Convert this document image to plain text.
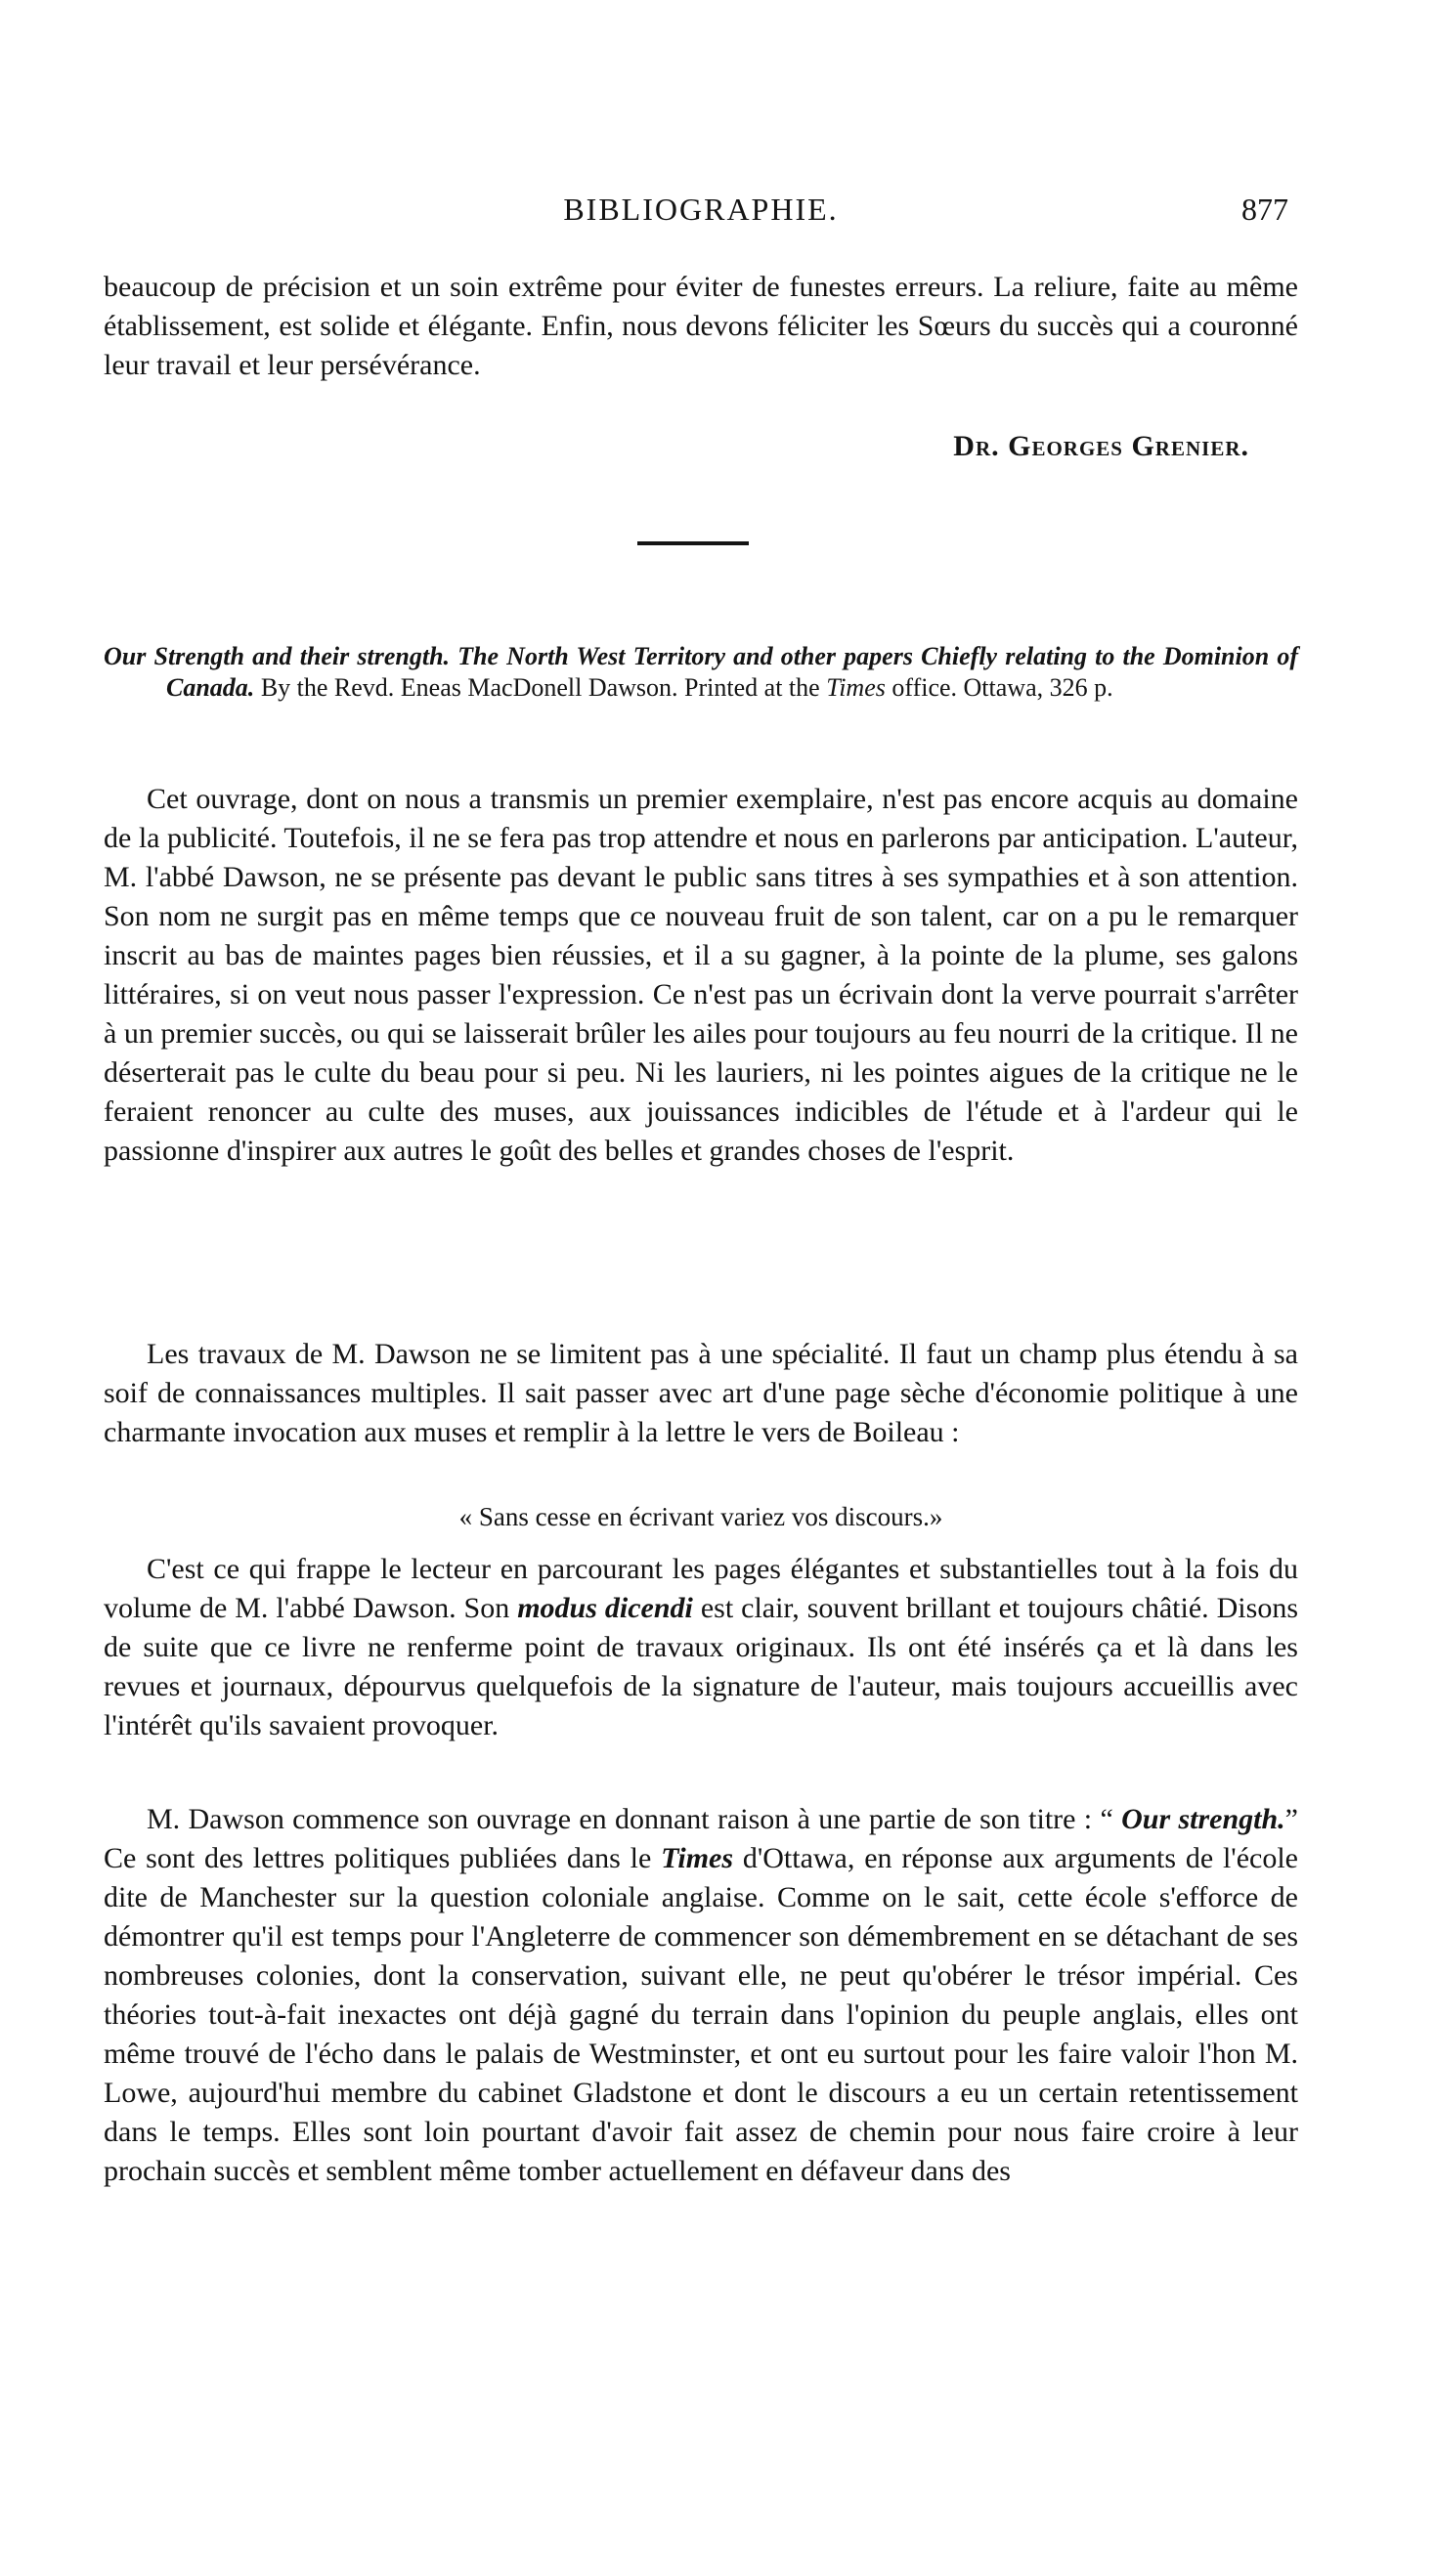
BIBLIOGRAPHIE.	877

beaucoup de précision et un soin extrême pour éviter de funestes erreurs. La reliure, faite au même établissement, est solide et élégante. Enfin, nous devons féliciter les Sœurs du succès qui a couronné leur travail et leur persévérance.

Dr. Georges Grenier.

Our Strength and their strength. The North West Territory and other papers Chiefly relating to the Dominion of Canada. By the Revd. Eneas MacDonell Dawson. Printed at the Times office. Ottawa, 326 p.

Cet ouvrage, dont on nous a transmis un premier exemplaire, n'est pas encore acquis au domaine de la publicité. Toutefois, il ne se fera pas trop attendre et nous en parlerons par anticipation. L'auteur, M. l'abbé Dawson, ne se présente pas devant le public sans titres à ses sympathies et à son attention. Son nom ne surgit pas en même temps que ce nouveau fruit de son talent, car on a pu le remarquer inscrit au bas de maintes pages bien réussies, et il a su gagner, à la pointe de la plume, ses galons littéraires, si on veut nous passer l'expression. Ce n'est pas un écrivain dont la verve pourrait s'arrêter à un premier succès, ou qui se laisserait brûler les ailes pour toujours au feu nourri de la critique. Il ne déserterait pas le culte du beau pour si peu. Ni les lauriers, ni les pointes aigues de la critique ne le feraient renoncer au culte des muses, aux jouissances indicibles de l'étude et à l'ardeur qui le passionne d'inspirer aux autres le goût des belles et grandes choses de l'esprit.

Les travaux de M. Dawson ne se limitent pas à une spécialité. Il faut un champ plus étendu à sa soif de connaissances multiples. Il sait passer avec art d'une page sèche d'économie politique à une charmante invocation aux muses et remplir à la lettre le vers de Boileau :

« Sans cesse en écrivant variez vos discours.»

C'est ce qui frappe le lecteur en parcourant les pages élégantes et substantielles tout à la fois du volume de M. l'abbé Dawson. Son modus dicendi est clair, souvent brillant et toujours châtié. Disons de suite que ce livre ne renferme point de travaux originaux. Ils ont été insérés ça et là dans les revues et journaux, dépourvus quelquefois de la signature de l'auteur, mais toujours accueillis avec l'intérêt qu'ils savaient provoquer.

M. Dawson commence son ouvrage en donnant raison à une partie de son titre : “ Our strength.” Ce sont des lettres politiques publiées dans le Times d'Ottawa, en réponse aux arguments de l'école dite de Manchester sur la question coloniale anglaise. Comme on le sait, cette école s'efforce de démontrer qu'il est temps pour l'Angleterre de commencer son démembrement en se détachant de ses nombreuses colonies, dont la conservation, suivant elle, ne peut qu'obérer le trésor impérial. Ces théories tout-à-fait inexactes ont déjà gagné du terrain dans l'opinion du peuple anglais, elles ont même trouvé de l'écho dans le palais de Westminster, et ont eu surtout pour les faire valoir l'hon M. Lowe, aujourd'hui membre du cabinet Gladstone et dont le discours a eu un certain retentissement dans le temps. Elles sont loin pourtant d'avoir fait assez de chemin pour nous faire croire à leur prochain succès et semblent même tomber actuellement en défaveur dans des
